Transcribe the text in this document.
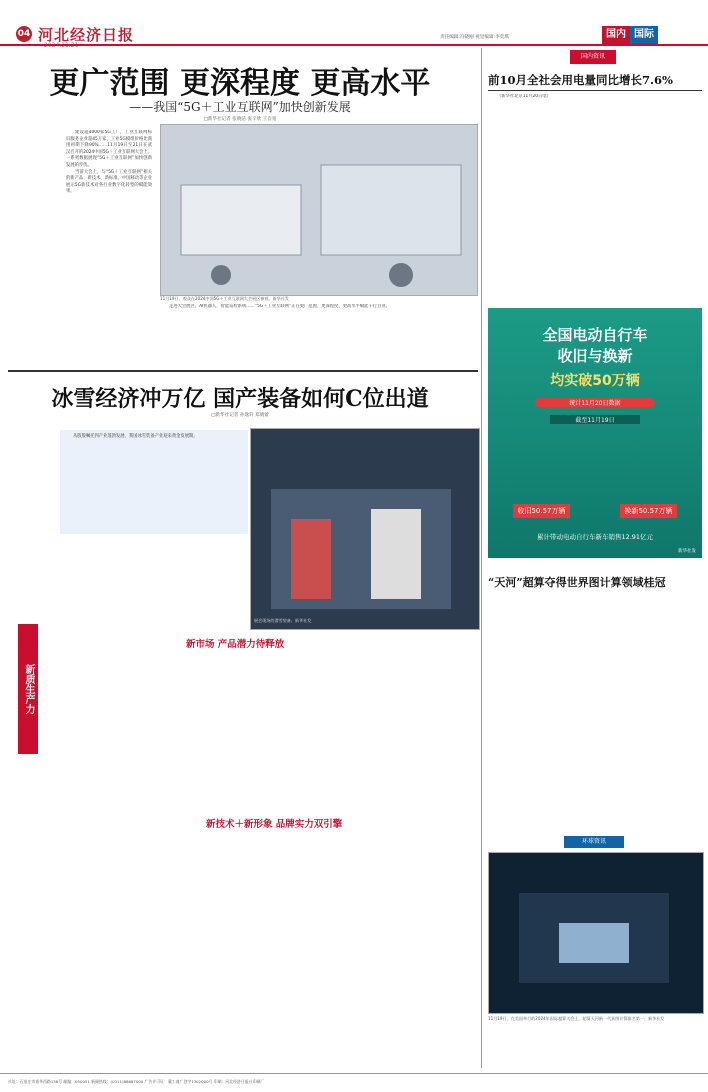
04 河北经济日报	责任编辑:冯晓刚 视觉编辑:李奕琪	国内 国际
更广范围 更深程度 更高水平
——我国“5G＋工业互联网”加快创新发展
□新华社记者 张晓洁 张辛欣 王自宽

建设超4000家5G工厂，工业互联网标识服务企业超45万家，工业5G模组价格比商用初期下降90%……11月19日至21日在武汉召开的2024中国5G＋工业互联网大会上，一系列数据展现“5G＋工业互联网”加快创新发展的步伐。

当前大会上，与“5G＋工业互联网”相关的新产品、新技术、新标准、中国移动等企业展示5G新技术对各行业数字化转型的赋能效果。

11月19日，观众在2024中国5G＋工业互联网大会展区参观。新华社发

走进大会展区，AI机器人、智能巡检系统……“5G＋工业互联网”正在更广范围、更深程度、更高水平赋能千行百业。

国内资讯
前10月全社会用电量同比增长7.6%

（新华社北京11月20日电）

全国电动自行车
收旧与换新
均实破50万辆
统计11月20日数据
截至11月19日
收旧50.57万辆	换新50.57万辆
累计带动电动自行车新车销售12.91亿元
新华社发
冰雪经济冲万亿 国产装备如何C位出道
□新华社记者 孙逸轩 郑婧蕾

从殷殷嘱托到产业蓬勃发展，我国冰雪装备产业迎来黄金发展期。

新质生产力
展会现场的滑雪装备。新华社发
新市场 产品潜力待释放
新技术＋新形象 品牌实力双引擎
“天河”超算夺得世界图计算领域桂冠
环球资讯
11月19日，在美国举行的2024年国际超算大会上，超算天河新一代获图计算排名第一。新华社发
社址：石家庄市裕华西路138号 邮编：050051 新闻热线：(0311)86687000 广告许可证：冀工商广登字1302000号 印刷：河北经济日报社印刷厂
